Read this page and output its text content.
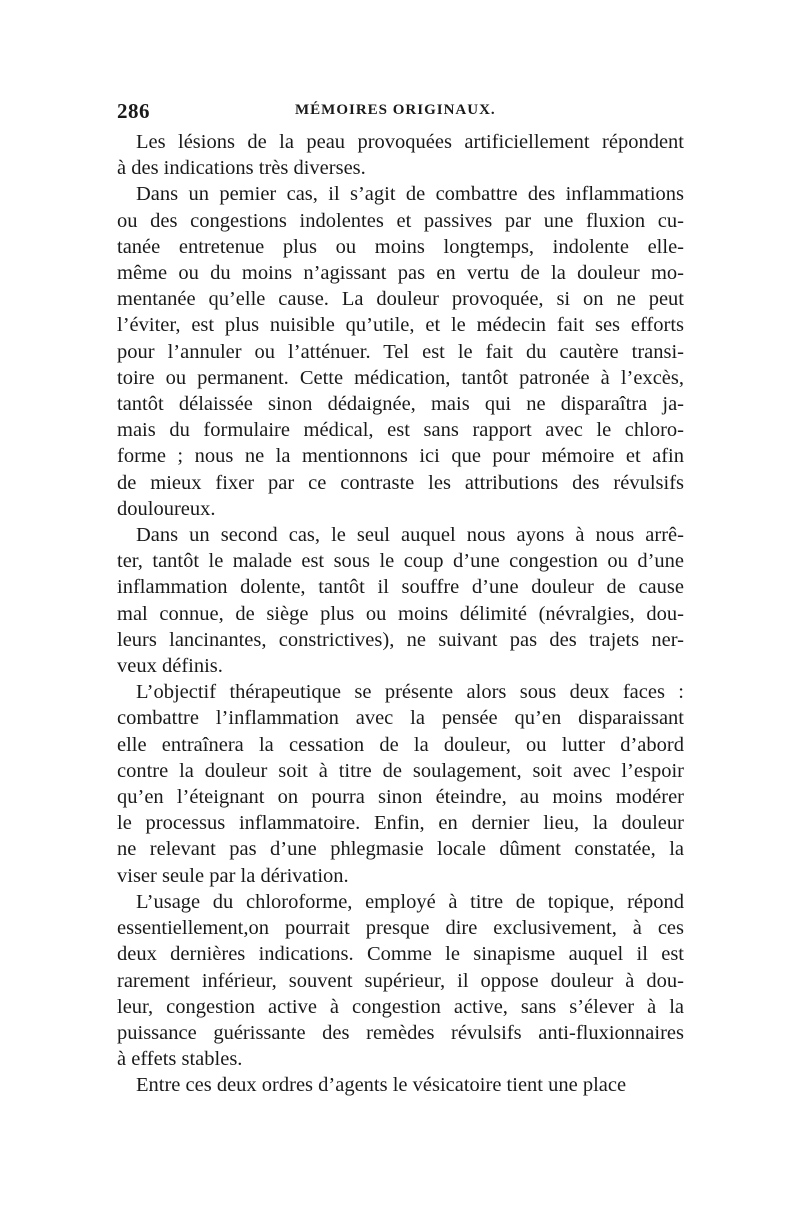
286	MÉMOIRES ORIGINAUX.

Les lésions de la peau provoquées artificiellement répondent

à des indications très diverses.

Dans un pemier cas, il s’agit de combattre des inflammations

ou des congestions indolentes et passives par une fluxion cu-

tanée entretenue plus ou moins longtemps, indolente elle-

même ou du moins n’agissant pas en vertu de la douleur mo-

mentanée qu’elle cause. La douleur provoquée, si on ne peut

l’éviter, est plus nuisible qu’utile, et le médecin fait ses efforts

pour l’annuler ou l’atténuer. Tel est le fait du cautère transi-

toire ou permanent. Cette médication, tantôt patronée à l’excès,

tantôt délaissée sinon dédaignée, mais qui ne disparaîtra ja-

mais du formulaire médical, est sans rapport avec le chloro-

forme ; nous ne la mentionnons ici que pour mémoire et afin

de mieux fixer par ce contraste les attributions des révulsifs

douloureux.

Dans un second cas, le seul auquel nous ayons à nous arrê-

ter, tantôt le malade est sous le coup d’une congestion ou d’une

inflammation dolente, tantôt il souffre d’une douleur de cause

mal connue, de siège plus ou moins délimité (névralgies, dou-

leurs lancinantes, constrictives), ne suivant pas des trajets ner-

veux définis.

L’objectif thérapeutique se présente alors sous deux faces :

combattre l’inflammation avec la pensée qu’en disparaissant

elle entraînera la cessation de la douleur, ou lutter d’abord

contre la douleur soit à titre de soulagement, soit avec l’espoir

qu’en l’éteignant on pourra sinon éteindre, au moins modérer

le processus inflammatoire. Enfin, en dernier lieu, la douleur

ne relevant pas d’une phlegmasie locale dûment constatée, la

viser seule par la dérivation.

L’usage du chloroforme, employé à titre de topique, répond

essentiellement,on pourrait presque dire exclusivement, à ces

deux dernières indications. Comme le sinapisme auquel il est

rarement inférieur, souvent supérieur, il oppose douleur à dou-

leur, congestion active à congestion active, sans s’élever à la

puissance guérissante des remèdes révulsifs anti-fluxionnaires

à effets stables.

Entre ces deux ordres d’agents le vésicatoire tient une place
